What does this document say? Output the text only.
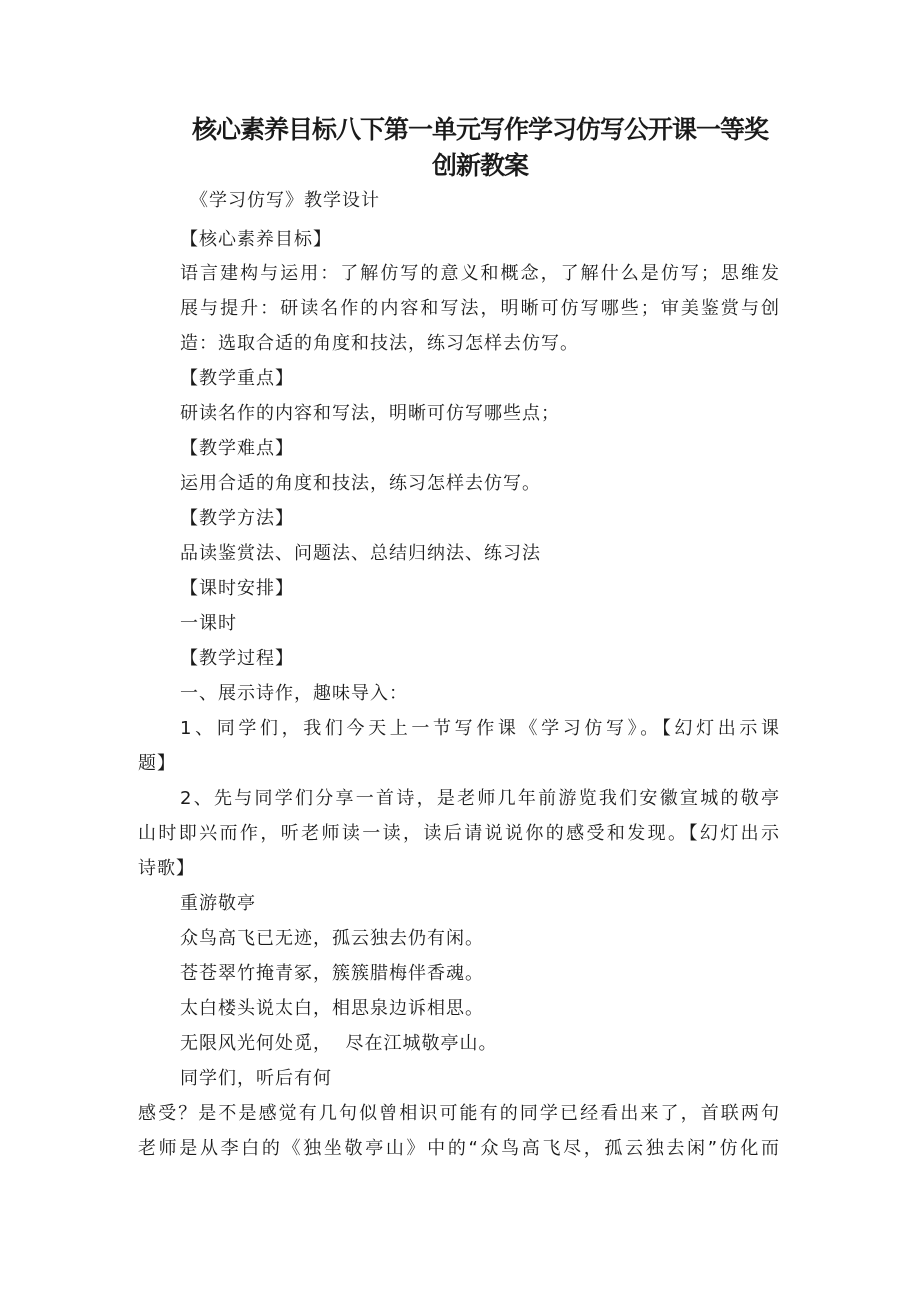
核心素养目标八下第一单元写作学习仿写公开课一等奖
创新教案
《学习仿写》教学设计
【核心素养目标】
语言建构与运用：了解仿写的意义和概念，了解什么是仿写；思维发
展与提升：研读名作的内容和写法，明晰可仿写哪些；审美鉴赏与创
造：选取合适的角度和技法，练习怎样去仿写。
【教学重点】
研读名作的内容和写法，明晰可仿写哪些点；
【教学难点】
运用合适的角度和技法，练习怎样去仿写。
【教学方法】
品读鉴赏法、问题法、总结归纳法、练习法
【课时安排】
一课时
【教学过程】
一、展示诗作，趣味导入：
1、同学们，我们今天上一节写作课《学习仿写》。【幻灯出示课
题】
2、先与同学们分享一首诗，是老师几年前游览我们安徽宣城的敬亭
山时即兴而作，听老师读一读，读后请说说你的感受和发现。【幻灯出示
诗歌】
重游敬亭
众鸟高飞已无迹，孤云独去仍有闲。
苍苍翠竹掩青冢，簇簇腊梅伴香魂。
太白楼头说太白，相思泉边诉相思。
无限风光何处觅，  尽在江城敬亭山。
同学们，听后有何
感受？是不是感觉有几句似曾相识可能有的同学已经看出来了，首联两句
老师是从李白的《独坐敬亭山》中的“众鸟高飞尽，孤云独去闲”仿化而
